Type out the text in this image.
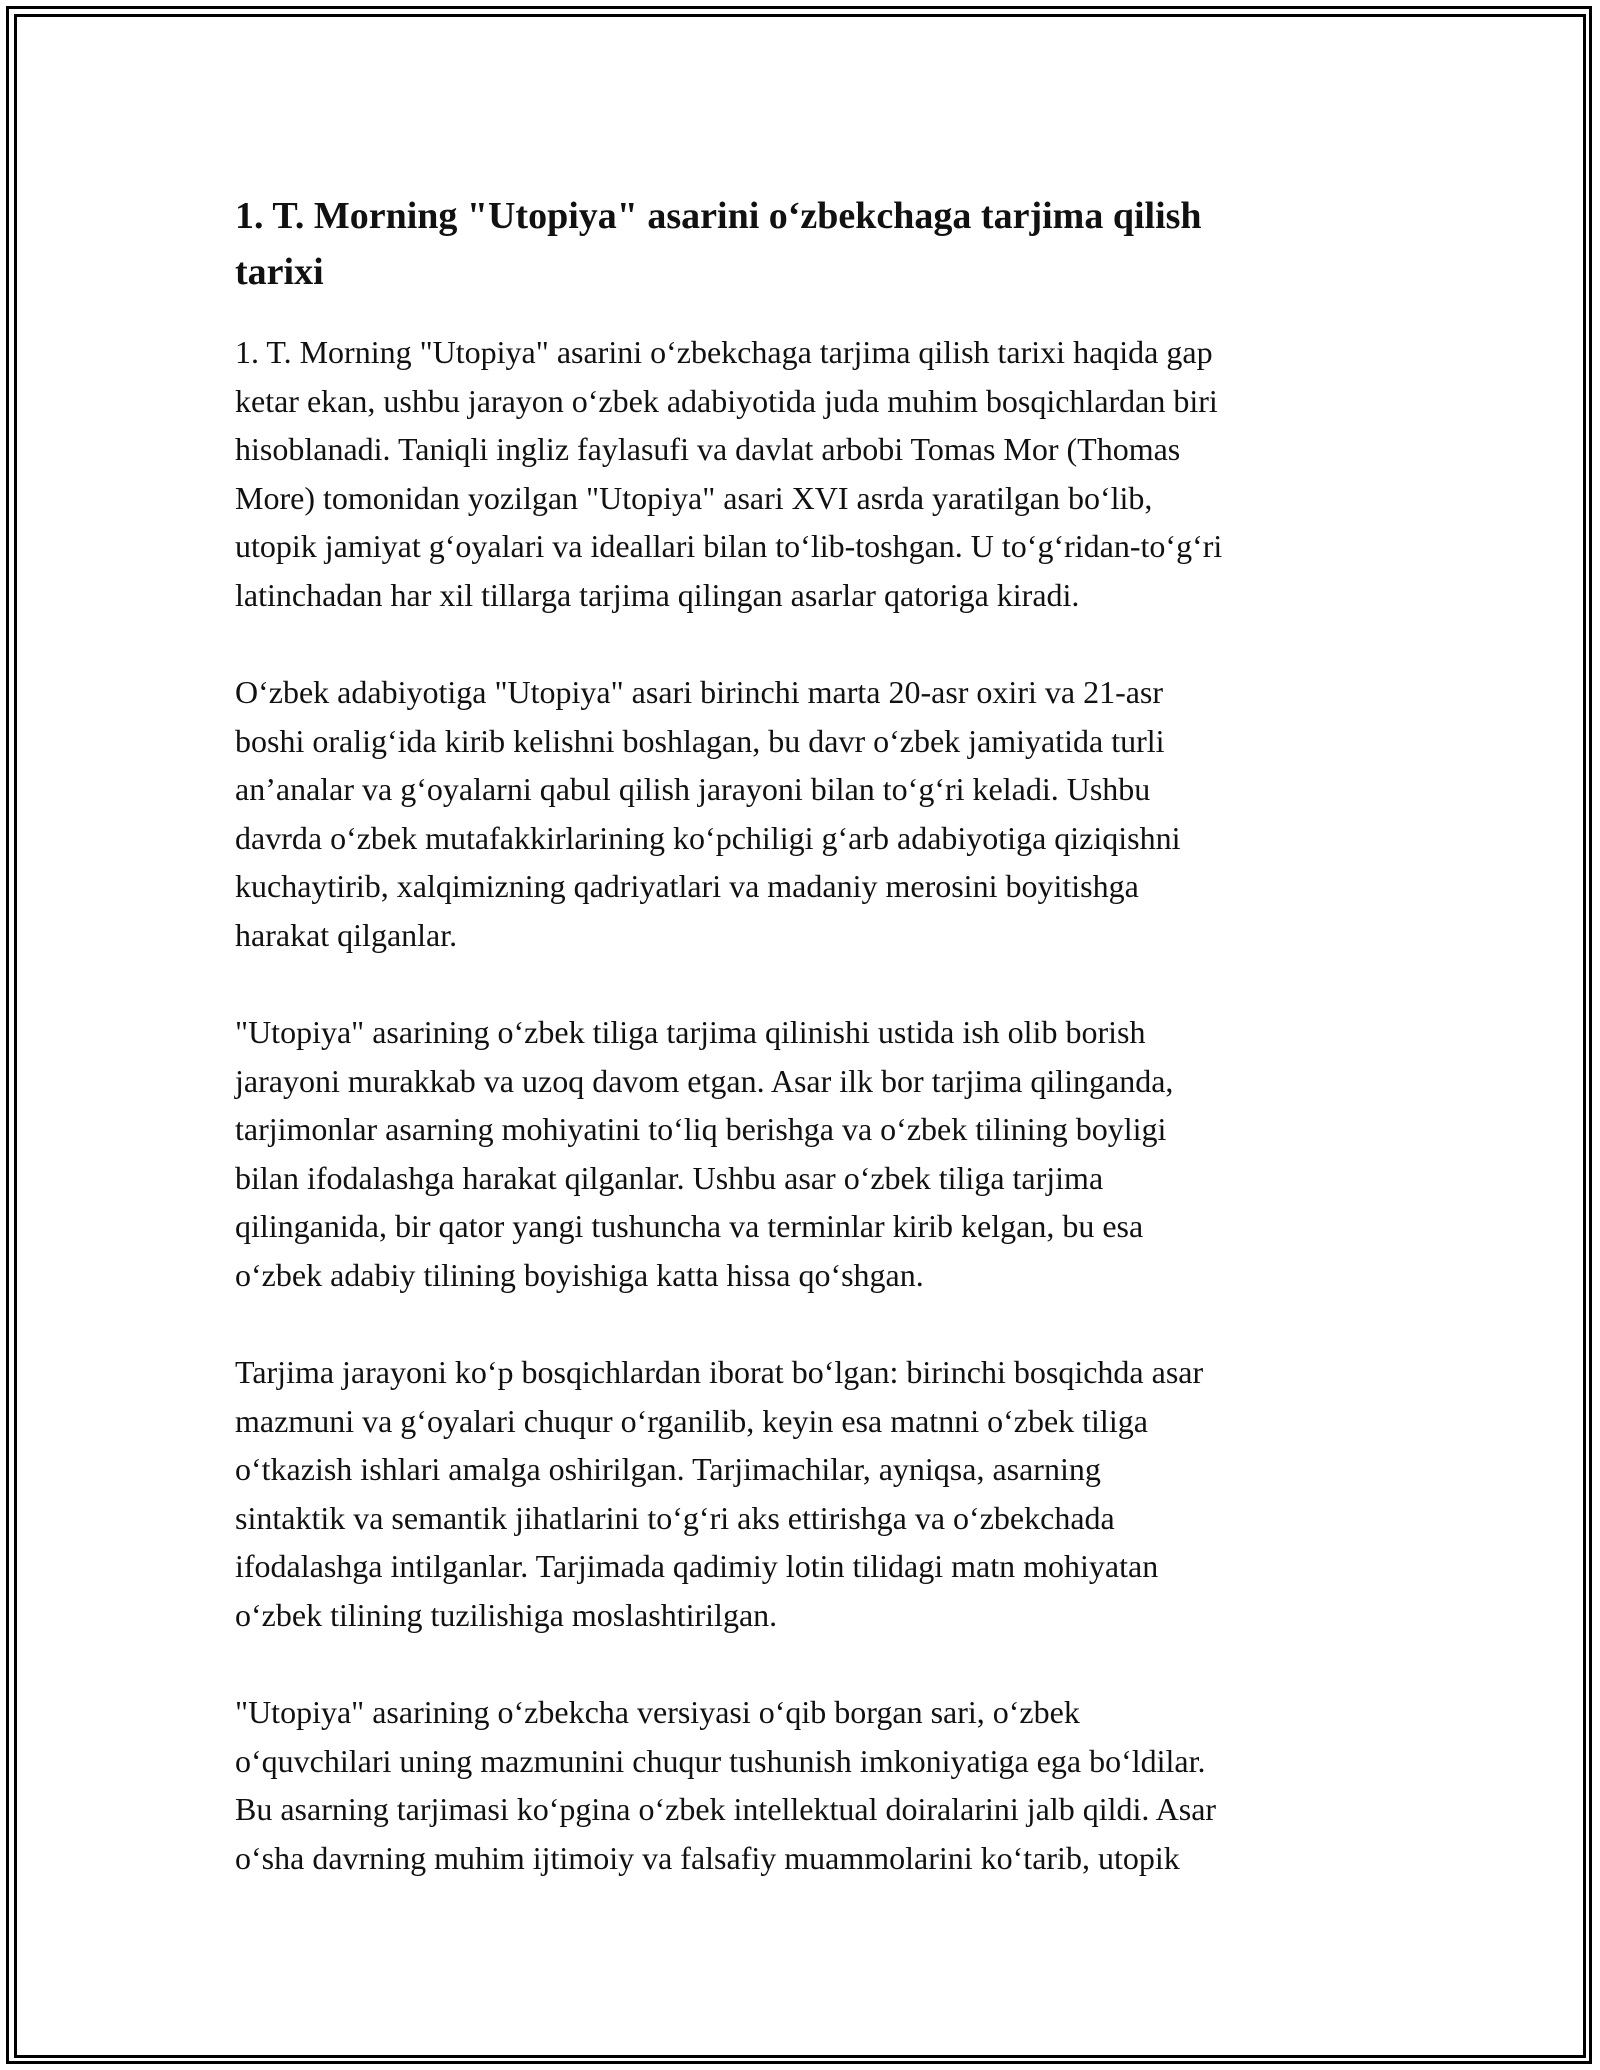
1. T. Morning "Utopiya" asarini o‘zbekchaga tarjima qilish
tarixi

1. T. Morning "Utopiya" asarini o‘zbekchaga tarjima qilish tarixi haqida gap
ketar ekan, ushbu jarayon o‘zbek adabiyotida juda muhim bosqichlardan biri
hisoblanadi. Taniqli ingliz faylasufi va davlat arbobi Tomas Mor (Thomas
More) tomonidan yozilgan "Utopiya" asari XVI asrda yaratilgan bo‘lib,
utopik jamiyat g‘oyalari va ideallari bilan to‘lib-toshgan. U to‘g‘ridan-to‘g‘ri
latinchadan har xil tillarga tarjima qilingan asarlar qatoriga kiradi.

O‘zbek adabiyotiga "Utopiya" asari birinchi marta 20-asr oxiri va 21-asr
boshi oralig‘ida kirib kelishni boshlagan, bu davr o‘zbek jamiyatida turli
an’analar va g‘oyalarni qabul qilish jarayoni bilan to‘g‘ri keladi. Ushbu
davrda o‘zbek mutafakkirlarining ko‘pchiligi g‘arb adabiyotiga qiziqishni
kuchaytirib, xalqimizning qadriyatlari va madaniy merosini boyitishga
harakat qilganlar.

"Utopiya" asarining o‘zbek tiliga tarjima qilinishi ustida ish olib borish
jarayoni murakkab va uzoq davom etgan. Asar ilk bor tarjima qilinganda,
tarjimonlar asarning mohiyatini to‘liq berishga va o‘zbek tilining boyligi
bilan ifodalashga harakat qilganlar. Ushbu asar o‘zbek tiliga tarjima
qilinganida, bir qator yangi tushuncha va terminlar kirib kelgan, bu esa
o‘zbek adabiy tilining boyishiga katta hissa qo‘shgan.

Tarjima jarayoni ko‘p bosqichlardan iborat bo‘lgan: birinchi bosqichda asar
mazmuni va g‘oyalari chuqur o‘rganilib, keyin esa matnni o‘zbek tiliga
o‘tkazish ishlari amalga oshirilgan. Tarjimachilar, ayniqsa, asarning
sintaktik va semantik jihatlarini to‘g‘ri aks ettirishga va o‘zbekchada
ifodalashga intilganlar. Tarjimada qadimiy lotin tilidagi matn mohiyatan
o‘zbek tilining tuzilishiga moslashtirilgan.

"Utopiya" asarining o‘zbekcha versiyasi o‘qib borgan sari, o‘zbek
o‘quvchilari uning mazmunini chuqur tushunish imkoniyatiga ega bo‘ldilar.
Bu asarning tarjimasi ko‘pgina o‘zbek intellektual doiralarini jalb qildi. Asar
o‘sha davrning muhim ijtimoiy va falsafiy muammolarini ko‘tarib, utopik
